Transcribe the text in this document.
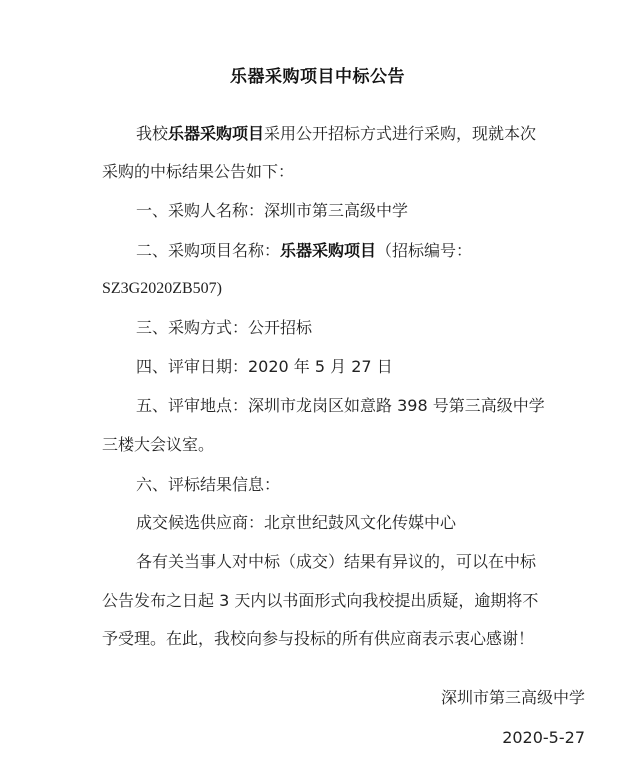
乐器采购项目中标公告
我校乐器采购项目采用公开招标方式进行采购，现就本次
采购的中标结果公告如下：
一、采购人名称：深圳市第三高级中学
二、采购项目名称：乐器采购项目（招标编号：
SZ3G2020ZB507)
三、采购方式：公开招标
四、评审日期：2020 年 5 月 27 日
五、评审地点：深圳市龙岗区如意路 398 号第三高级中学
三楼大会议室。
六、评标结果信息：
成交候选供应商：北京世纪鼓风文化传媒中心
各有关当事人对中标（成交）结果有异议的，可以在中标
公告发布之日起 3 天内以书面形式向我校提出质疑，逾期将不
予受理。在此，我校向参与投标的所有供应商表示衷心感谢！
深圳市第三高级中学
2020-5-27
